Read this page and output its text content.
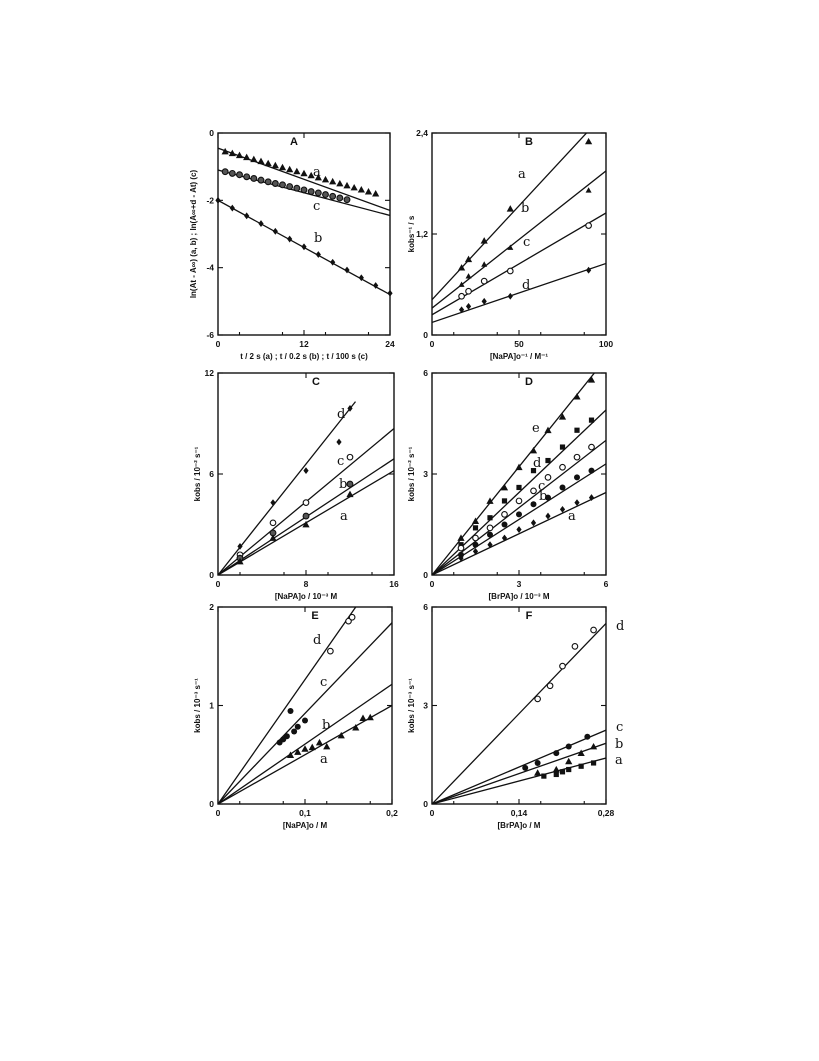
0	12	24
0
-2
-4
-6
A
t / 2 s (a) ; t / 0.2 s (b) ; t / 100 s (c)
ln(At - A∞) (a, b) ; ln(A∞+d - At) (c)	a
c
b
0	50	100
0
1,2
2,4
B
[NaPA]o⁻¹ / M⁻¹
kobs⁻¹ / s
a
b
c
d
0	8	16
0
6
12
C
[NaPA]o / 10⁻³ M
kobs / 10⁻² s⁻¹
d
c
b
a
0	3	6
0
3
6
D
[BrPA]o / 10⁻³ M
kobs / 10⁻² s⁻¹
e
d
c
b
a
0	0,1	0,2
0
1
2
E
[NaPA]o / M
kobs / 10⁻³ s⁻¹
d
c
b
a
0	0,14	0,28
0
3
6
F
[BrPA]o / M
kobs / 10⁻³ s⁻¹
d
c
b
a
